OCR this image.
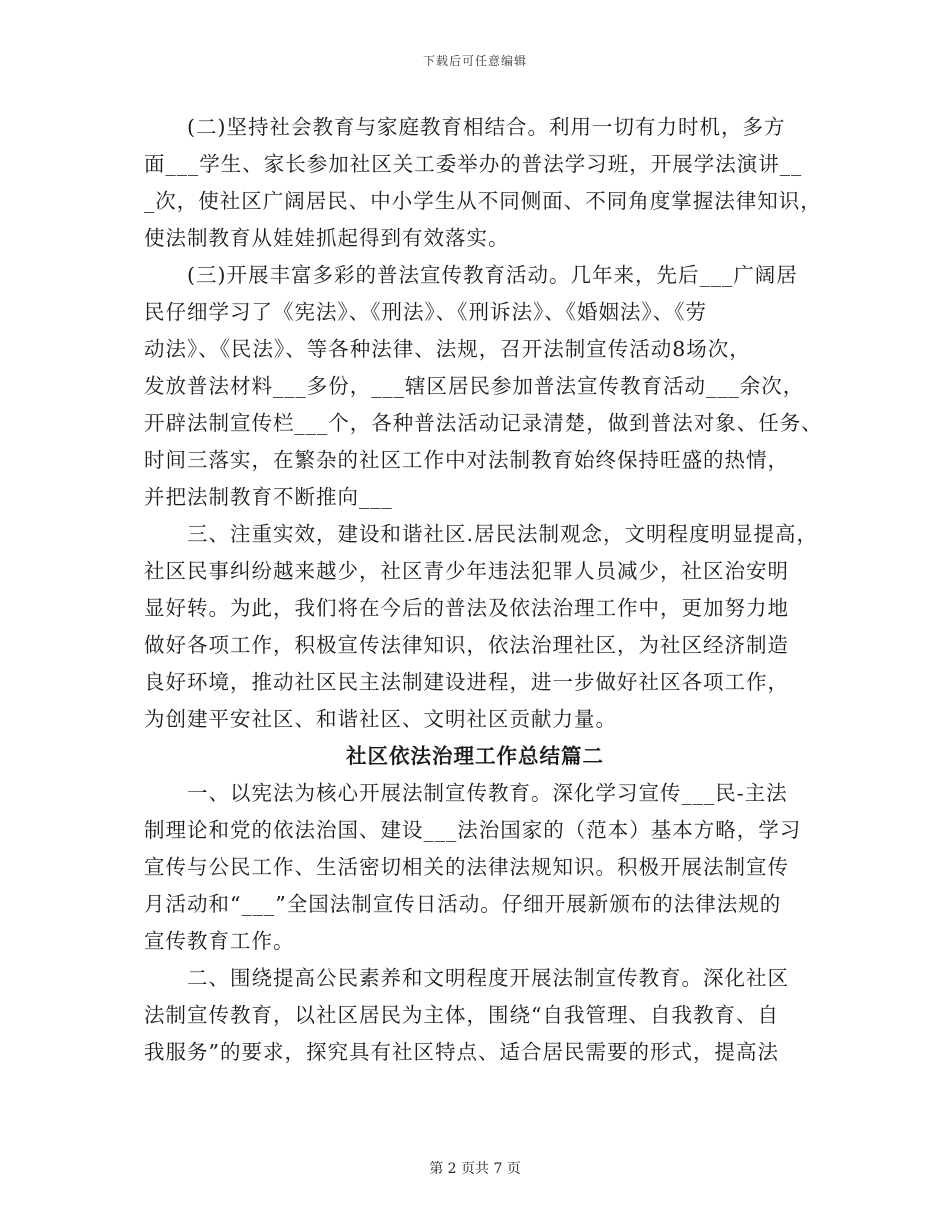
下载后可任意编辑
　　(二)坚持社会教育与家庭教育相结合。利用一切有力时机，多方
面___学生、家长参加社区关工委举办的普法学习班，开展学法演讲__
_次，使社区广阔居民、中小学生从不同侧面、不同角度掌握法律知识，
使法制教育从娃娃抓起得到有效落实。
　　(三)开展丰富多彩的普法宣传教育活动。几年来，先后___广阔居
民仔细学习了《宪法》、《刑法》、《刑诉法》、《婚姻法》、《劳
动法》、《民法》、等各种法律、法规，召开法制宣传活动8场次，
发放普法材料___多份，___辖区居民参加普法宣传教育活动___余次，
开辟法制宣传栏___个，各种普法活动记录清楚，做到普法对象、任务、
时间三落实，在繁杂的社区工作中对法制教育始终保持旺盛的热情，
并把法制教育不断推向___
　　三、注重实效，建设和谐社区.居民法制观念，文明程度明显提高，
社区民事纠纷越来越少，社区青少年违法犯罪人员减少，社区治安明
显好转。为此，我们将在今后的普法及依法治理工作中，更加努力地
做好各项工作，积极宣传法律知识，依法治理社区，为社区经济制造
良好环境，推动社区民主法制建设进程，进一步做好社区各项工作，
为创建平安社区、和谐社区、文明社区贡献力量。
社区依法治理工作总结篇二
　　一、以宪法为核心开展法制宣传教育。深化学习宣传___民-主法
制理论和党的依法治国、建设___法治国家的（范本）基本方略，学习
宣传与公民工作、生活密切相关的法律法规知识。积极开展法制宣传
月活动和“___”全国法制宣传日活动。仔细开展新颁布的法律法规的
宣传教育工作。
　　二、围绕提高公民素养和文明程度开展法制宣传教育。深化社区
法制宣传教育，以社区居民为主体，围绕“自我管理、自我教育、自
我服务”的要求，探究具有社区特点、适合居民需要的形式，提高法
第 2 页共 7 页
